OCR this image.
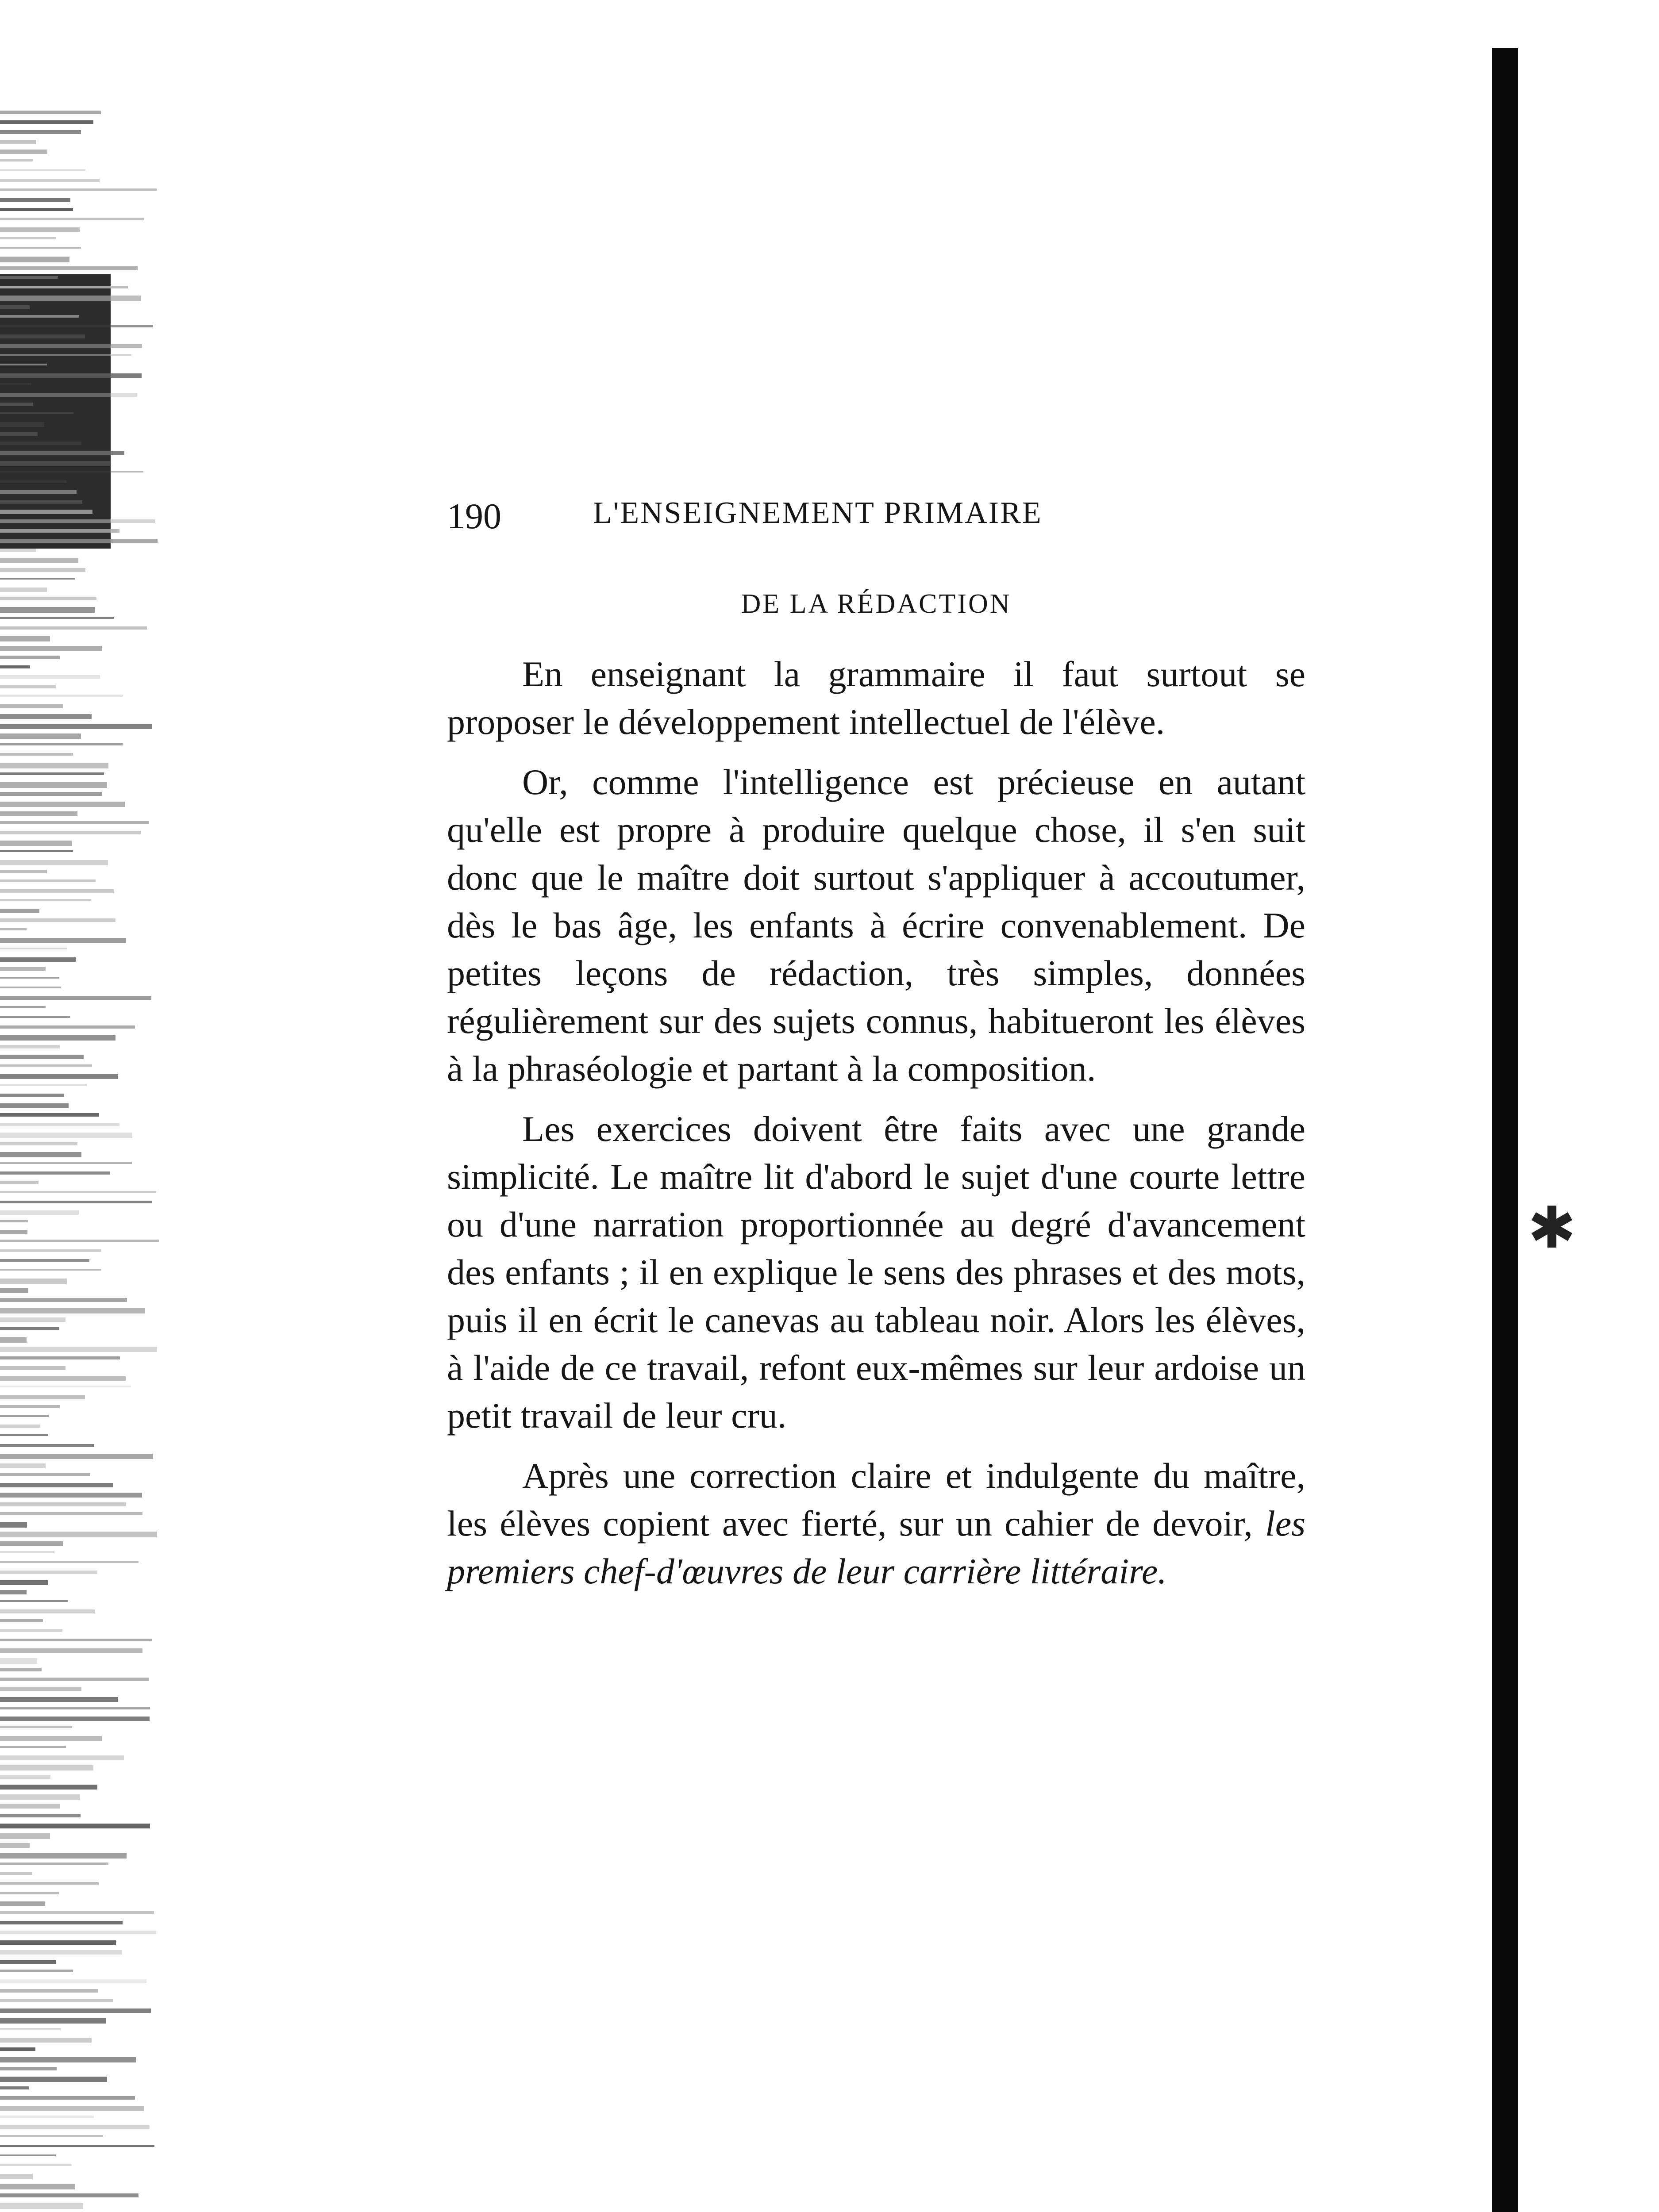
✱
190	L'ENSEIGNEMENT PRIMAIRE
DE LA RÉDACTION

En enseignant la grammaire il faut surtout se proposer le développement intellectuel de l'élève.

Or, comme l'intelligence est précieuse en autant qu'elle est propre à produire quelque chose, il s'en suit donc que le maître doit surtout s'appliquer à accoutumer, dès le bas âge, les enfants à écrire convenablement. De petites leçons de rédaction, très simples, données régulièrement sur des sujets connus, habitueront les élèves à la phraséologie et partant à la composition.

Les exercices doivent être faits avec une grande simplicité. Le maître lit d'abord le sujet d'une courte lettre ou d'une narration proportionnée au degré d'avancement des enfants ; il en explique le sens des phrases et des mots, puis il en écrit le canevas au tableau noir. Alors les élèves, à l'aide de ce travail, refont eux-mêmes sur leur ardoise un petit travail de leur cru.

Après une correction claire et indulgente du maître, les élèves copient avec fierté, sur un cahier de devoir, les premiers chef-d'œuvres de leur carrière littéraire.
